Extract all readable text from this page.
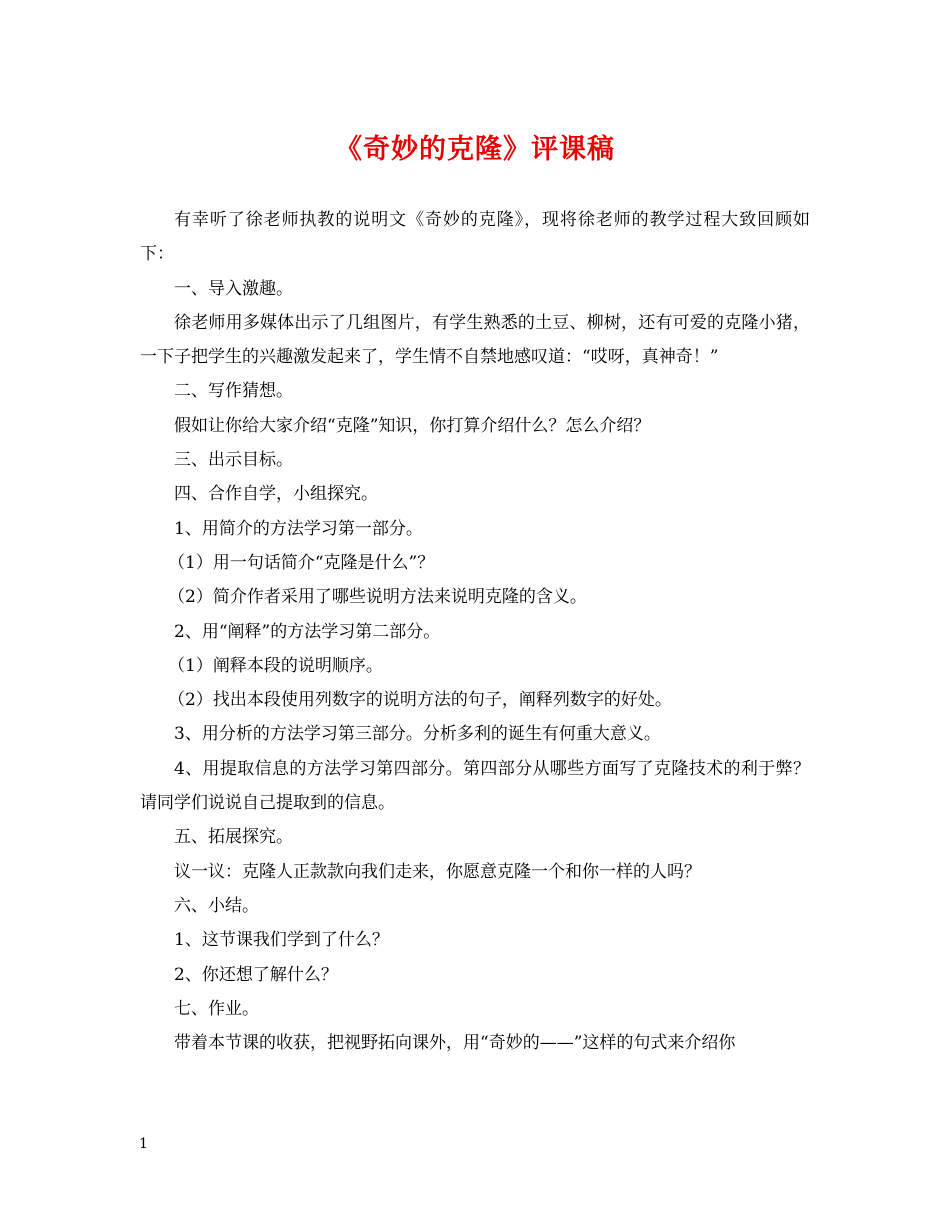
《奇妙的克隆》评课稿

有幸听了徐老师执教的说明文《奇妙的克隆》，现将徐老师的教学过程大致回顾如下：

一、导入激趣。

徐老师用多媒体出示了几组图片，有学生熟悉的土豆、柳树，还有可爱的克隆小猪，一下子把学生的兴趣激发起来了，学生情不自禁地感叹道：“哎呀，真神奇！”

二、写作猜想。

假如让你给大家介绍“克隆”知识，你打算介绍什么？怎么介绍？

三、出示目标。

四、合作自学，小组探究。

1、用简介的方法学习第一部分。

（1）用一句话简介“克隆是什么”？

（2）简介作者采用了哪些说明方法来说明克隆的含义。

2、用“阐释”的方法学习第二部分。

（1）阐释本段的说明顺序。

（2）找出本段使用列数字的说明方法的句子，阐释列数字的好处。

3、用分析的方法学习第三部分。分析多利的诞生有何重大意义。

4、用提取信息的方法学习第四部分。第四部分从哪些方面写了克隆技术的利于弊？请同学们说说自己提取到的信息。

五、拓展探究。

议一议：克隆人正款款向我们走来，你愿意克隆一个和你一样的人吗？

六、小结。

1、这节课我们学到了什么？

2、你还想了解什么？

七、作业。

带着本节课的收获，把视野拓向课外，用“奇妙的——”这样的句式来介绍你

1
